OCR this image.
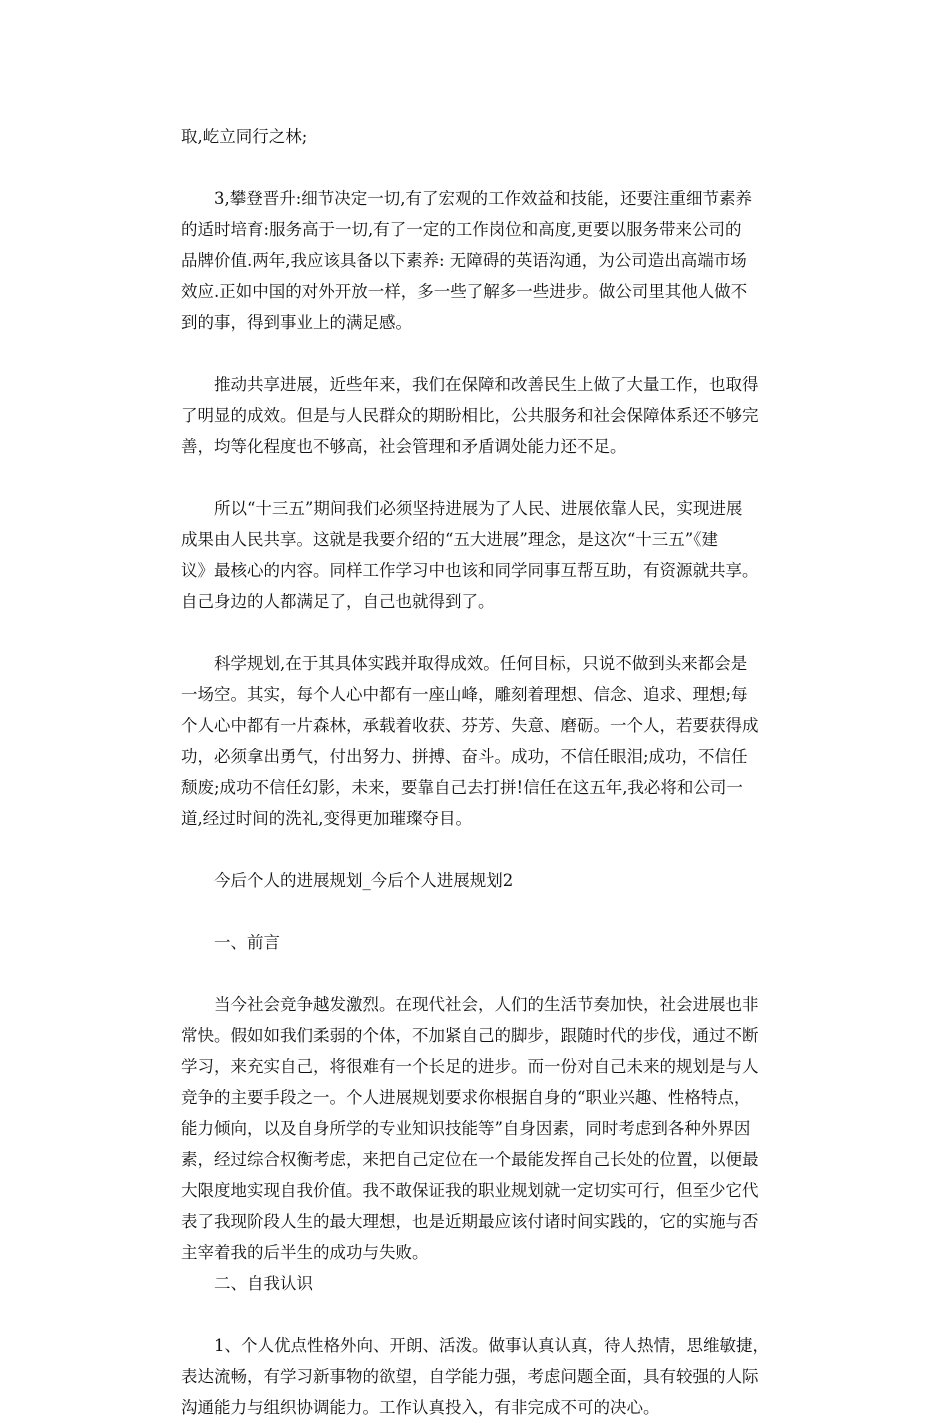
取,屹立同行之林;

　　3,攀登晋升:细节决定一切,有了宏观的工作效益和技能，还要注重细节素养
的适时培育:服务高于一切,有了一定的工作岗位和高度,更要以服务带来公司的
品牌价值.两年,我应该具备以下素养: 无障碍的英语沟通，为公司造出高端市场
效应.正如中国的对外开放一样，多一些了解多一些进步。做公司里其他人做不
到的事，得到事业上的满足感。

　　推动共享进展，近些年来，我们在保障和改善民生上做了大量工作，也取得
了明显的成效。但是与人民群众的期盼相比，公共服务和社会保障体系还不够完
善，均等化程度也不够高，社会管理和矛盾调处能力还不足。

　　所以“十三五”期间我们必须坚持进展为了人民、进展依靠人民，实现进展
成果由人民共享。这就是我要介绍的“五大进展”理念，是这次“十三五”《建
议》最核心的内容。同样工作学习中也该和同学同事互帮互助，有资源就共享。
自己身边的人都满足了，自己也就得到了。

　　科学规划,在于其具体实践并取得成效。任何目标，只说不做到头来都会是
一场空。其实，每个人心中都有一座山峰，雕刻着理想、信念、追求、理想;每
个人心中都有一片森林，承载着收获、芬芳、失意、磨砺。一个人，若要获得成
功，必须拿出勇气，付出努力、拼搏、奋斗。成功，不信任眼泪;成功，不信任
颓废;成功不信任幻影，未来，要靠自己去打拼!信任在这五年,我必将和公司一
道,经过时间的洗礼,变得更加璀璨夺目。

　　今后个人的进展规划_今后个人进展规划2

　　一、前言

　　当今社会竞争越发激烈。在现代社会，人们的生活节奏加快，社会进展也非
常快。假如如我们柔弱的个体，不加紧自己的脚步，跟随时代的步伐，通过不断
学习，来充实自己，将很难有一个长足的进步。而一份对自己未来的规划是与人
竞争的主要手段之一。个人进展规划要求你根据自身的“职业兴趣、性格特点，
能力倾向，以及自身所学的专业知识技能等”自身因素，同时考虑到各种外界因
素，经过综合权衡考虑，来把自己定位在一个最能发挥自己长处的位置，以便最
大限度地实现自我价值。我不敢保证我的职业规划就一定切实可行，但至少它代
表了我现阶段人生的最大理想，也是近期最应该付诸时间实践的，它的实施与否
主宰着我的后半生的成功与失败。

　　二、自我认识

　　1、个人优点性格外向、开朗、活泼。做事认真认真，待人热情，思维敏捷，
表达流畅，有学习新事物的欲望，自学能力强，考虑问题全面，具有较强的人际
沟通能力与组织协调能力。工作认真投入，有非完成不可的决心。
